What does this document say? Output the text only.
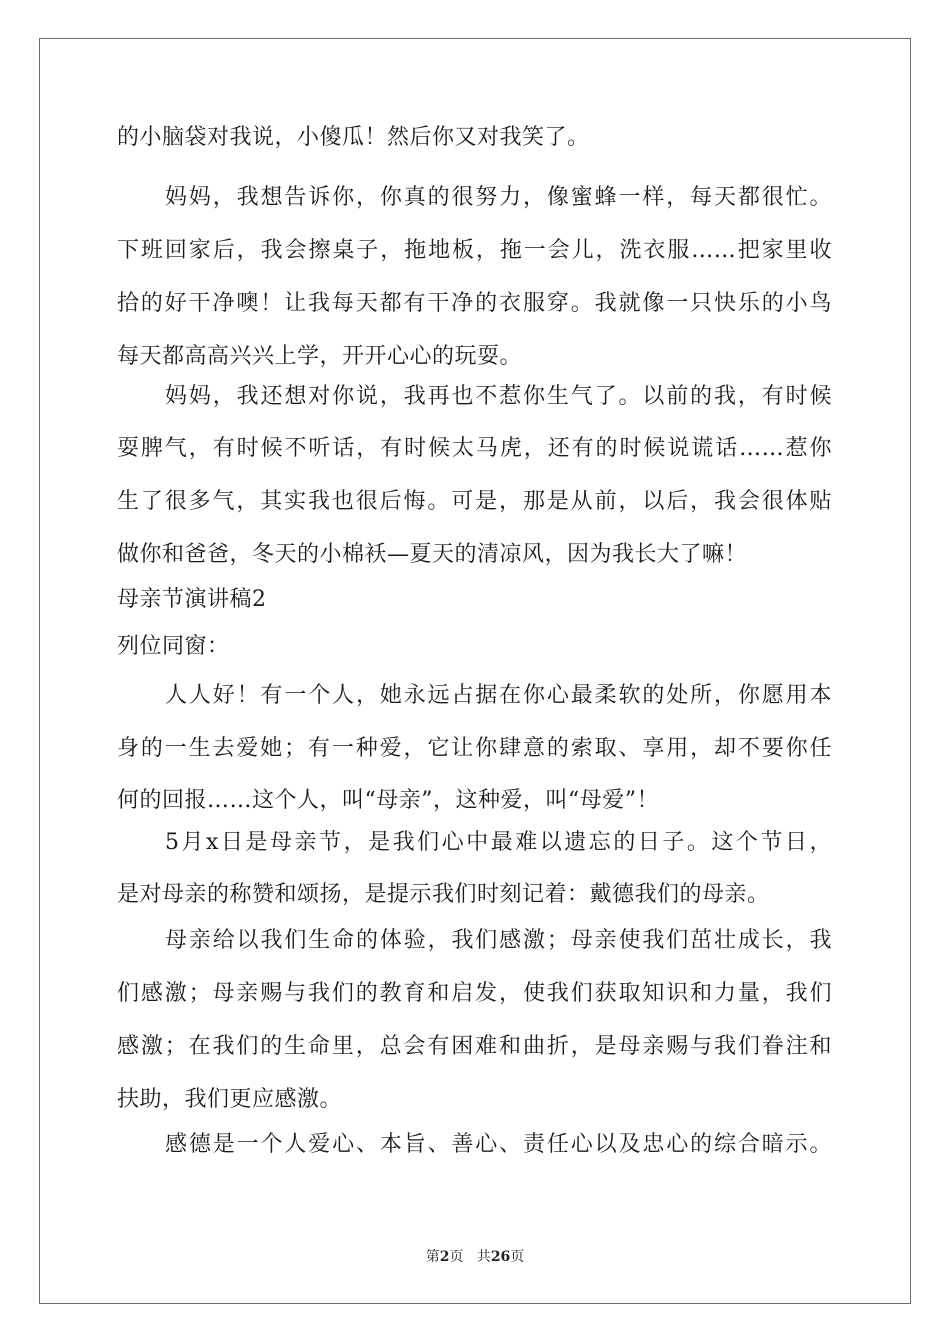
的小脑袋对我说，小傻瓜！然后你又对我笑了。
妈妈，我想告诉你，你真的很努力，像蜜蜂一样，每天都很忙。
下班回家后，我会擦桌子，拖地板，拖一会儿，洗衣服……把家里收
拾的好干净噢！让我每天都有干净的衣服穿。我就像一只快乐的小鸟
每天都高高兴兴上学，开开心心的玩耍。
妈妈，我还想对你说，我再也不惹你生气了。以前的我，有时候
耍脾气，有时候不听话，有时候太马虎，还有的时候说谎话……惹你
生了很多气，其实我也很后悔。可是，那是从前，以后，我会很体贴
做你和爸爸，冬天的小棉袄—夏天的清凉风，因为我长大了嘛！
母亲节演讲稿2
列位同窗：
人人好！有一个人，她永远占据在你心最柔软的处所，你愿用本
身的一生去爱她；有一种爱，它让你肆意的索取、享用，却不要你任
何的回报……这个人，叫“母亲”，这种爱，叫“母爱”！
5月x日是母亲节，是我们心中最难以遗忘的日子。这个节日，
是对母亲的称赞和颂扬，是提示我们时刻记着：戴德我们的母亲。
母亲给以我们生命的体验，我们感激；母亲使我们茁壮成长，我
们感激；母亲赐与我们的教育和启发，使我们获取知识和力量，我们
感激；在我们的生命里，总会有困难和曲折，是母亲赐与我们眷注和
扶助，我们更应感激。
感德是一个人爱心、本旨、善心、责任心以及忠心的综合暗示。
第2页   共26页
